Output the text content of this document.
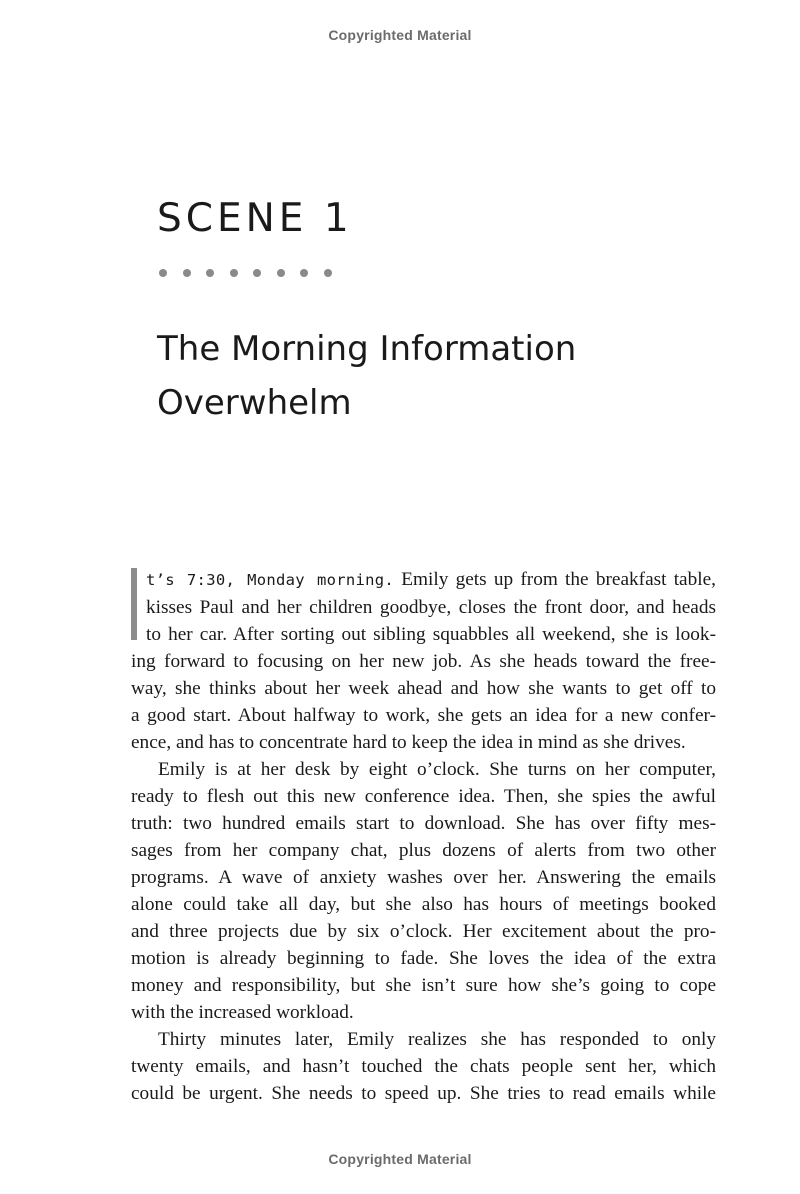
Copyrighted Material
SCENE 1
The Morning Information
Overwhelm
t’s 7:30, Monday morning. Emily gets up from the breakfast table,
kisses Paul and her children goodbye, closes the front door, and heads
to her car. After sorting out sibling squabbles all weekend, she is look-
ing forward to focusing on her new job. As she heads toward the free-
way, she thinks about her week ahead and how she wants to get off to
a good start. About halfway to work, she gets an idea for a new confer-
ence, and has to concentrate hard to keep the idea in mind as she drives.
Emily is at her desk by eight o’clock. She turns on her computer,
ready to flesh out this new conference idea. Then, she spies the awful
truth: two hundred emails start to download. She has over fifty mes-
sages from her company chat, plus dozens of alerts from two other
programs. A wave of anxiety washes over her. Answering the emails
alone could take all day, but she also has hours of meetings booked
and three projects due by six o’clock. Her excitement about the pro-
motion is already beginning to fade. She loves the idea of the extra
money and responsibility, but she isn’t sure how she’s going to cope
with the increased workload.
Thirty minutes later, Emily realizes she has responded to only
twenty emails, and hasn’t touched the chats people sent her, which
could be urgent. She needs to speed up. She tries to read emails while
Copyrighted Material
